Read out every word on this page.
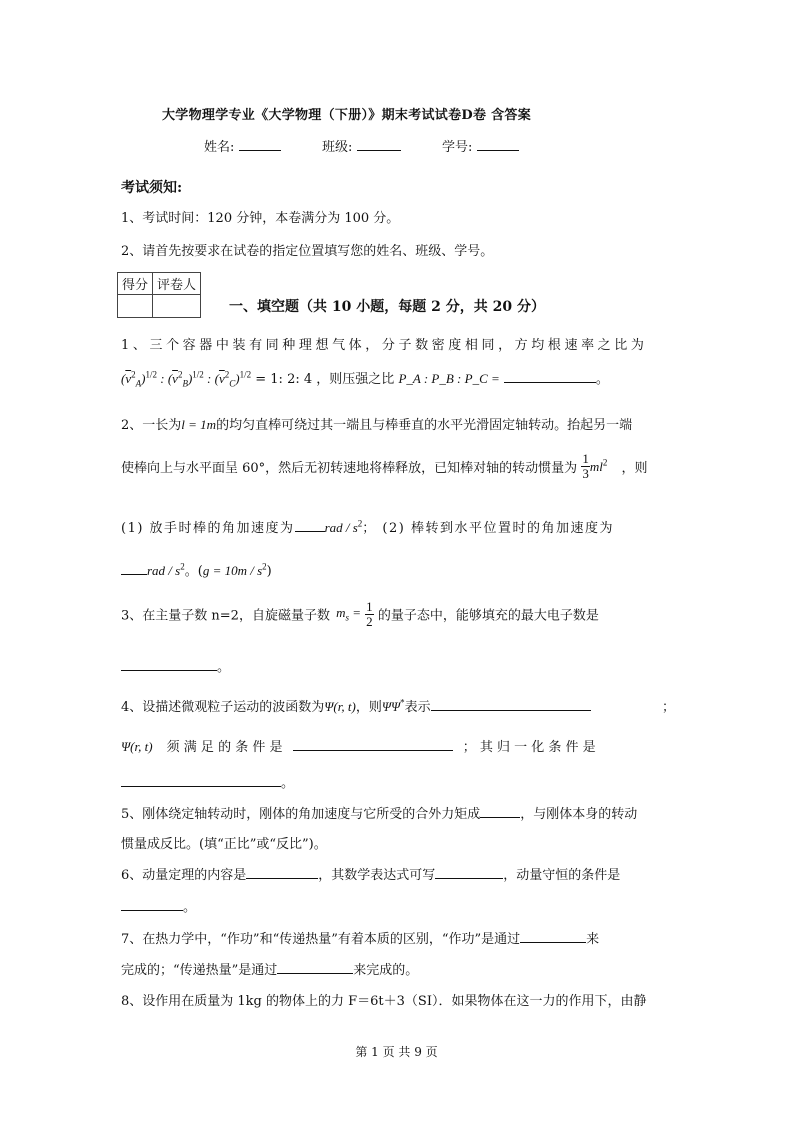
大学物理学专业《大学物理（下册）》期末考试试卷D卷 含答案
姓名:	班级:	学号:
考试须知:
1、考试时间：120 分钟，本卷满分为 100 分。
2、请首先按要求在试卷的指定位置填写您的姓名、班级、学号。
得分	评卷人

一、填空题（共 10 小题，每题 2 分，共 20 分）
1、三个容器中装有同种理想气体，分子数密度相同，方均根速率之比为
$(\overline{v}^2_A)^{1/2}$ : $(\overline{v}^2_B)^{1/2}$ : $(\overline{v}^2_C)^{1/2} = 1$: 2: 4 ，则压强之比 P_A : P_B : P_C =	。
2、一长为l = 1m的均匀直棒可绕过其一端且与棒垂直的水平光滑固定轴转动。抬起另一端
使棒向上与水平面呈 60°，然后无初转速地将棒释放，已知棒对轴的转动惯量为 $\frac{1}{3} ml^2$ ，则
(1) 放手时棒的角加速度为 rad / $s^2$； (2) 棒转到水平位置时的角加速度为
rad / $s^2$。$(g = 10m / s^2)$
3、在主量子数 n=2，自旋磁量子数 $m_s = \frac{1}{2}$ 的量子态中，能够填充的最大电子数是
。
4、设描述微观粒子运动的波函数为Ψ(r, t)，则ΨΨ*表示	；
Ψ(r, t) 须 满 足 的 条 件 是	； 其 归 一 化 条 件 是
。
5、刚体绕定轴转动时，刚体的角加速度与它所受的合外力矩成	，与刚体本身的转动
惯量成反比。(填“正比”或“反比”)。
6、动量定理的内容是	，其数学表达式可写	，动量守恒的条件是
。
7、在热力学中，“作功”和“传递热量”有着本质的区别，“作功”是通过	来
完成的；“传递热量”是通过	来完成的。
8、设作用在质量为 1kg 的物体上的力 F＝6t＋3（SI）．如果物体在这一力的作用下，由静
第 1 页 共 9 页
